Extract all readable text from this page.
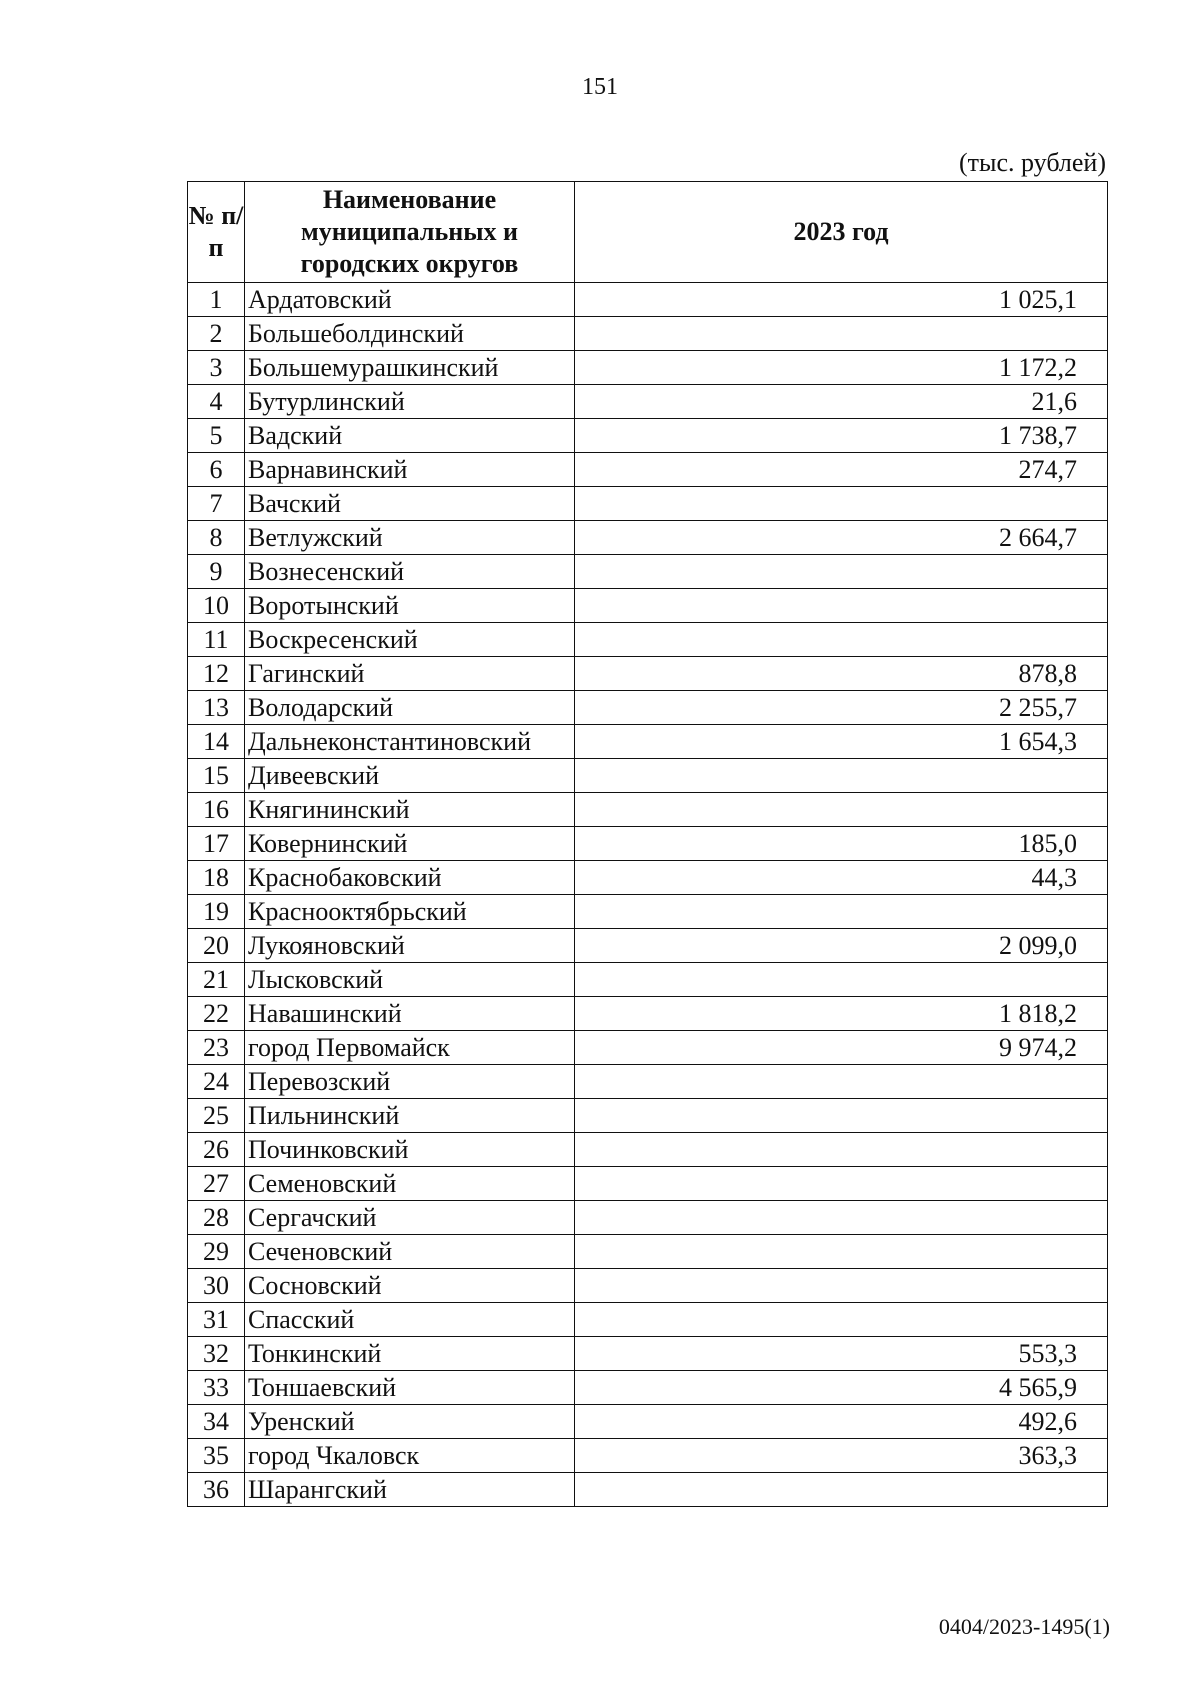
151
(тыс. рублей)
№ п/п	Наименование муниципальных и городских округов	2023 год
1	Ардатовский	1 025,1
2	Большеболдинский	
3	Большемурашкинский	1 172,2
4	Бутурлинский	21,6
5	Вадский	1 738,7
6	Варнавинский	274,7
7	Вачский	
8	Ветлужский	2 664,7
9	Вознесенский	
10	Воротынский	
11	Воскресенский	
12	Гагинский	878,8
13	Володарский	2 255,7
14	Дальнеконстантиновский	1 654,3
15	Дивеевский	
16	Княгининский	
17	Ковернинский	185,0
18	Краснобаковский	44,3
19	Краснооктябрьский	
20	Лукояновский	2 099,0
21	Лысковский	
22	Навашинский	1 818,2
23	город Первомайск	9 974,2
24	Перевозский	
25	Пильнинский	
26	Починковский	
27	Семеновский	
28	Сергачский	
29	Сеченовский	
30	Сосновский	
31	Спасский	
32	Тонкинский	553,3
33	Тоншаевский	4 565,9
34	Уренский	492,6
35	город Чкаловск	363,3
36	Шарангский	
0404/2023-1495(1)
